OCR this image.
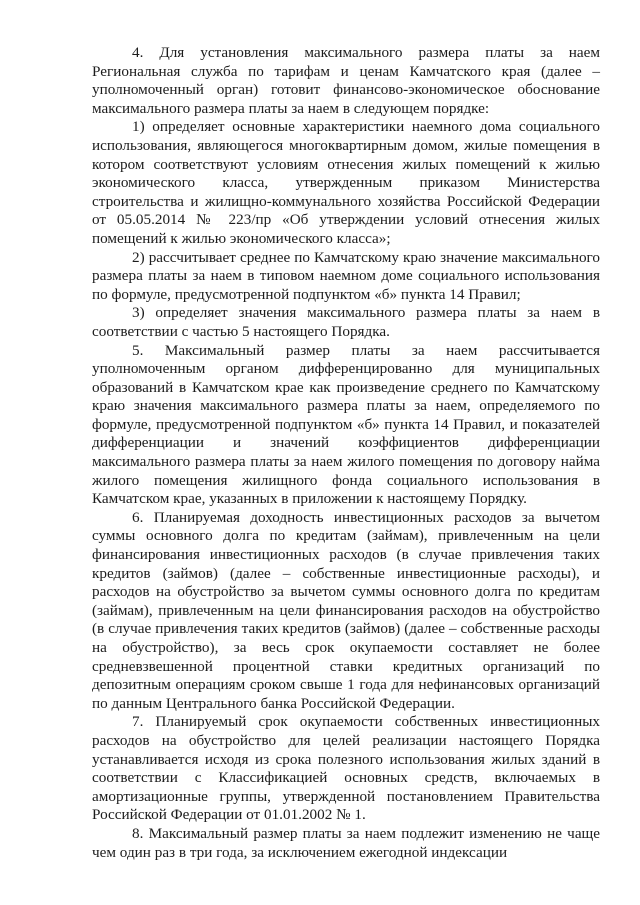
4. Для установления максимального размера платы за наем Региональная служба по тарифам и ценам Камчатского края (далее – уполномоченный орган) готовит финансово-экономическое обоснование максимального размера платы за наем в следующем порядке:

1) определяет основные характеристики наемного дома социального использования, являющегося многоквартирным домом, жилые помещения в котором соответствуют условиям отнесения жилых помещений к жилью экономического класса, утвержденным приказом Министерства строительства и жилищно-коммунального хозяйства Российской Федерации от 05.05.2014 № 223/пр «Об утверждении условий отнесения жилых помещений к жилью экономического класса»;

2) рассчитывает среднее по Камчатскому краю значение максимального размера платы за наем в типовом наемном доме социального использования по формуле, предусмотренной подпунктом «б» пункта 14 Правил;

3) определяет значения максимального размера платы за наем в соответствии с частью 5 настоящего Порядка.

5. Максимальный размер платы за наем рассчитывается уполномоченным органом дифференцированно для муниципальных образований в Камчатском крае как произведение среднего по Камчатскому краю значения максимального размера платы за наем, определяемого по формуле, предусмотренной подпунктом «б» пункта 14 Правил, и показателей дифференциации и значений коэффициентов дифференциации максимального размера платы за наем жилого помещения по договору найма жилого помещения жилищного фонда социального использования в Камчатском крае, указанных в приложении к настоящему Порядку.

6. Планируемая доходность инвестиционных расходов за вычетом суммы основного долга по кредитам (займам), привлеченным на цели финансирования инвестиционных расходов (в случае привлечения таких кредитов (займов) (далее – собственные инвестиционные расходы), и расходов на обустройство за вычетом суммы основного долга по кредитам (займам), привлеченным на цели финансирования расходов на обустройство (в случае привлечения таких кредитов (займов) (далее – собственные расходы на обустройство), за весь срок окупаемости составляет не более средневзвешенной процентной ставки кредитных организаций по депозитным операциям сроком свыше 1 года для нефинансовых организаций по данным Центрального банка Российской Федерации.

7. Планируемый срок окупаемости собственных инвестиционных расходов на обустройство для целей реализации настоящего Порядка устанавливается исходя из срока полезного использования жилых зданий в соответствии с Классификацией основных средств, включаемых в амортизационные группы, утвержденной постановлением Правительства Российской Федерации от 01.01.2002 № 1.

8. Максимальный размер платы за наем подлежит изменению не чаще чем один раз в три года, за исключением ежегодной индексации
